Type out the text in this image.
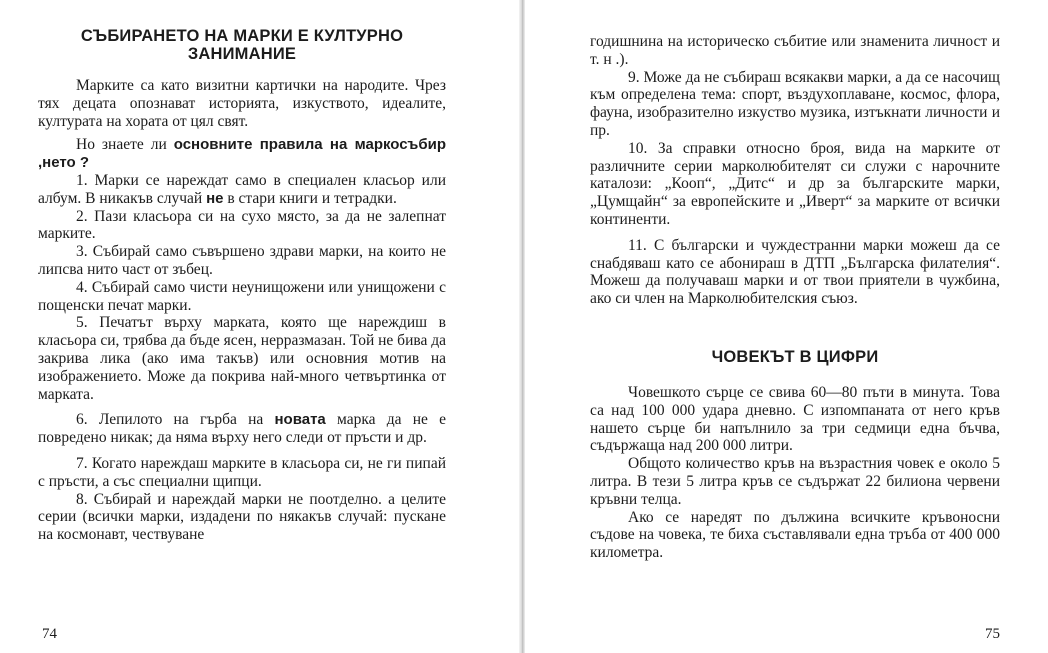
СЪБИРАНЕТО НА МАРКИ Е КУЛТУРНО ЗАНИМАНИЕ

Марките са като визитни картички на народите. Чрез тях децата опознават историята, изкуството, идеалите, културата на хората от цял свят.

Но знаете ли основните правила на маркосъбир ,нето ?

1. Марки се нареждат само в специален класьор или албум. В никакъв случай не в стари книги и тетрадки.

2. Пази класьора си на сухо място, за да не залепнат марките.

3. Събирай само съвършено здрави марки, на които не липсва нито част от зъбец.

4. Събирай само чисти неунищожени или унищожени с пощенски печат марки.

5. Печатът върху марката, която ще нареждиш в класьора си, трябва да бъде ясен, нерразмазан. Той не бива да закрива лика (ако има такъв) или основния мотив на изображението. Може да покрива най-много четвъртинка от марката.

6. Лепилото на гърба на новата марка да не е повредено никак; да няма върху него следи от пръсти и др.

7. Когато нареждаш марките в класьора си, не ги пипай с пръсти, а със специални щипци.

8. Събирай и нареждай марки не поотделно. а целите серии (всички марки, издадени по някакъв случай: пускане на космонавт, чествуване

74

годишнина на историческо събитие или знаменита личност и т. н .).

9. Може да не събираш всякакви марки, а да се насочищ към определена тема: спорт, въздухоплаване, космос, флора, фауна, изобразително изкуство музика, изтъкнати личности и пр.

10. За справки относно броя, вида на марките от различните серии марколюбителят си служи с нарочните каталози: „Кооп“, „Дитс“ и др за българските марки, „Цумщайн“ за европейските и „Иверт“ за марките от всички континенти.

11. С български и чуждестранни марки можеш да се снабдяваш като се абонираш в ДТП „Българска филателия“. Можеш да получаваш марки и от твои приятели в чужбина, ако си член на Марколюбителския съюз.

ЧОВЕКЪТ В ЦИФРИ

Човешкото сърце се свива 60—80 пъти в минута. Това са над 100 000 удара дневно. С изпомпаната от него кръв нашето сърце би напълнило за три седмици една бъчва, съдържаща над 200 000 литри.

Общото количество кръв на възрастния човек е около 5 литра. В тези 5 литра кръв се съдържат 22 билиона червени кръвни телца.

Ако се наредят по дължина всичките кръвоносни съдове на човека, те биха съставлявали една тръба от 400 000 километра.

75
